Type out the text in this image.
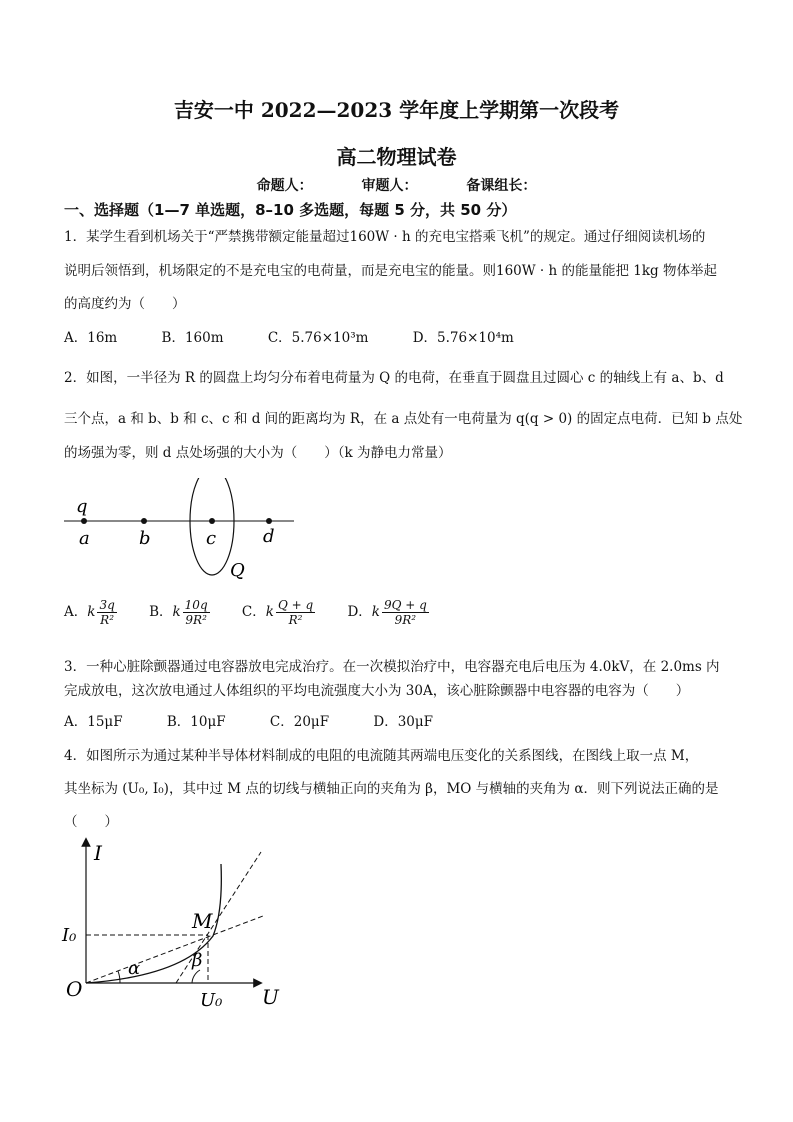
吉安一中 2022—2023 学年度上学期第一次段考
高二物理试卷
命题人：	审题人：	备课组长：
一、选择题（1—7 单选题，8–10 多选题，每题 5 分，共 50 分）
1．某学生看到机场关于“严禁携带额定能量超过160W · h 的充电宝搭乘飞机”的规定。通过仔细阅读机场的
说明后领悟到，机场限定的不是充电宝的电荷量，而是充电宝的能量。则160W · h 的能量能把 1kg 物体举起
的高度约为（　　）
A．16m	B．160m	C．5.76×10³m	D．5.76×10⁴m
2．如图，一半径为 R 的圆盘上均匀分布着电荷量为 Q 的电荷，在垂直于圆盘且过圆心 c 的轴线上有 a、b、d
三个点，a 和 b、b 和 c、c 和 d 间的距离均为 R，在 a 点处有一电荷量为 q(q > 0) 的固定点电荷．已知 b 点处
的场强为零，则 d 点处场强的大小为（　　）（k 为静电力常量）
q
a	b	c	d
Q
A．k $\frac{3q}{\text{R²}}$ B．k $\frac{10q}{\text{9R²}}$ C．k $\frac{Q + q}{\text{R²}}$ D．k $\frac{9Q + q}{\text{9R²}}$
3．一种心脏除颤器通过电容器放电完成治疗。在一次模拟治疗中，电容器充电后电压为 4.0kV，在 2.0ms 内
完成放电，这次放电通过人体组织的平均电流强度大小为 30A，该心脏除颤器中电容器的电容为（　　）
A．15μF	B．10μF	C．20μF	D．30μF
4．如图所示为通过某种半导体材料制成的电阻的电流随其两端电压变化的关系图线，在图线上取一点 M，
其坐标为 (U₀, I₀)，其中过 M 点的切线与横轴正向的夹角为 β，MO 与横轴的夹角为 α．则下列说法正确的是
（　　）
I
U
O
M
I₀
U₀
α	β
